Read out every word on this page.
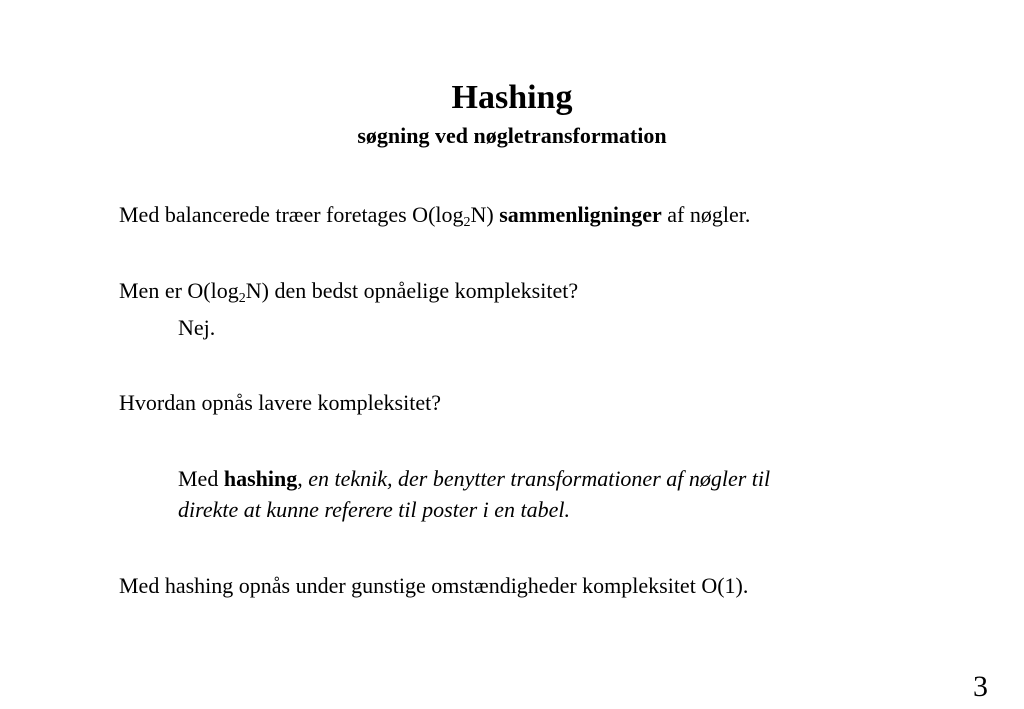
Hashing
søgning ved nøgletransformation
Med balancerede træer foretages $O(\log_2N)$ sammenligninger af nøgler.
Men er $O(\log_2N)$ den bedst opnåelige kompleksitet?
Nej.
Hvordan opnås lavere kompleksitet?
Med hashing, en teknik, der benytter transformationer af nøgler til
direkte at kunne referere til poster i en tabel.
Med hashing opnås under gunstige omstændigheder kompleksitet O(1).
3
